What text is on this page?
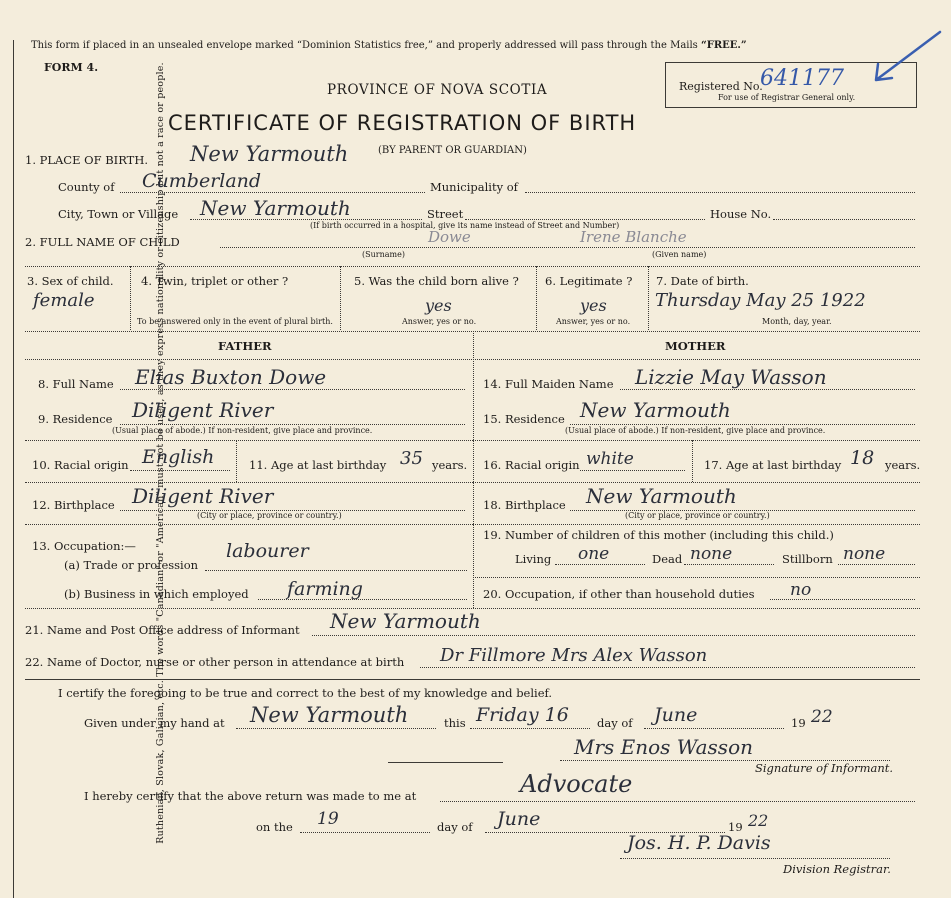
Ruthenian, Slovak, Galician, etc. The words "Canadian" or "American" must not be used, as they express nationality or citizenship but not a race or people.
This form if placed in an unsealed envelope marked “Dominion Statistics free,” and properly addressed will pass through the Mails “FREE.”
FORM 4.
PROVINCE OF NOVA SCOTIA
CERTIFICATE OF REGISTRATION OF BIRTH
Registered No.
641177
For use of Registrar General only.
1. PLACE OF BIRTH. New Yarmouth	(BY PARENT OR GUARDIAN)
County of Cumberland	Municipality of
City, Town or Village New Yarmouth	Street	House No.
(If birth occurred in a hospital, give its name instead of Street and Number)
2. FULL NAME OF CHILD	Dowe	Irene Blanche
(Surname)	(Given name)
3. Sex of child.
female
4. Twin, triplet or other ?
To be answered only in the event of plural birth.
5. Was the child born alive ?
yes
Answer, yes or no.
6. Legitimate ?
yes
Answer, yes or no.
7. Date of birth.
Thursday May 25 1922
Month, day, year.
FATHER	MOTHER
8. Full Name Elias Buxton Dowe
9. Residence Diligent River
(Usual place of abode.) If non-resident, give place and province.
10. Racial origin English	11. Age at last birthday 35 years.
12. Birthplace Diligent River
(City or place, province or country.)
13. Occupation:—
(a) Trade or profession
labourer
(b) Business in which employed farming
14. Full Maiden Name Lizzie May Wasson
15. Residence New Yarmouth
(Usual place of abode.) If non-resident, give place and province.
16. Racial origin white	17. Age at last birthday 18 years.
18. Birthplace New Yarmouth
(City or place, province or country.)
19. Number of children of this mother (including this child.)
Living one	Dead none	Stillborn none
20. Occupation, if other than household duties no
21. Name and Post Office address of Informant New Yarmouth
22. Name of Doctor, nurse or other person in attendance at birth Dr Fillmore Mrs Alex Wasson
I certify the foregoing to be true and correct to the best of my knowledge and belief.
Given under my hand at New Yarmouth	this Friday 16 day of June	19 22
Mrs Enos Wasson
Signature of Informant.
I hereby certify that the above return was made to me at	Advocate
on the 19	day of June	19 22
Jos. H. P. Davis
Division Registrar.
